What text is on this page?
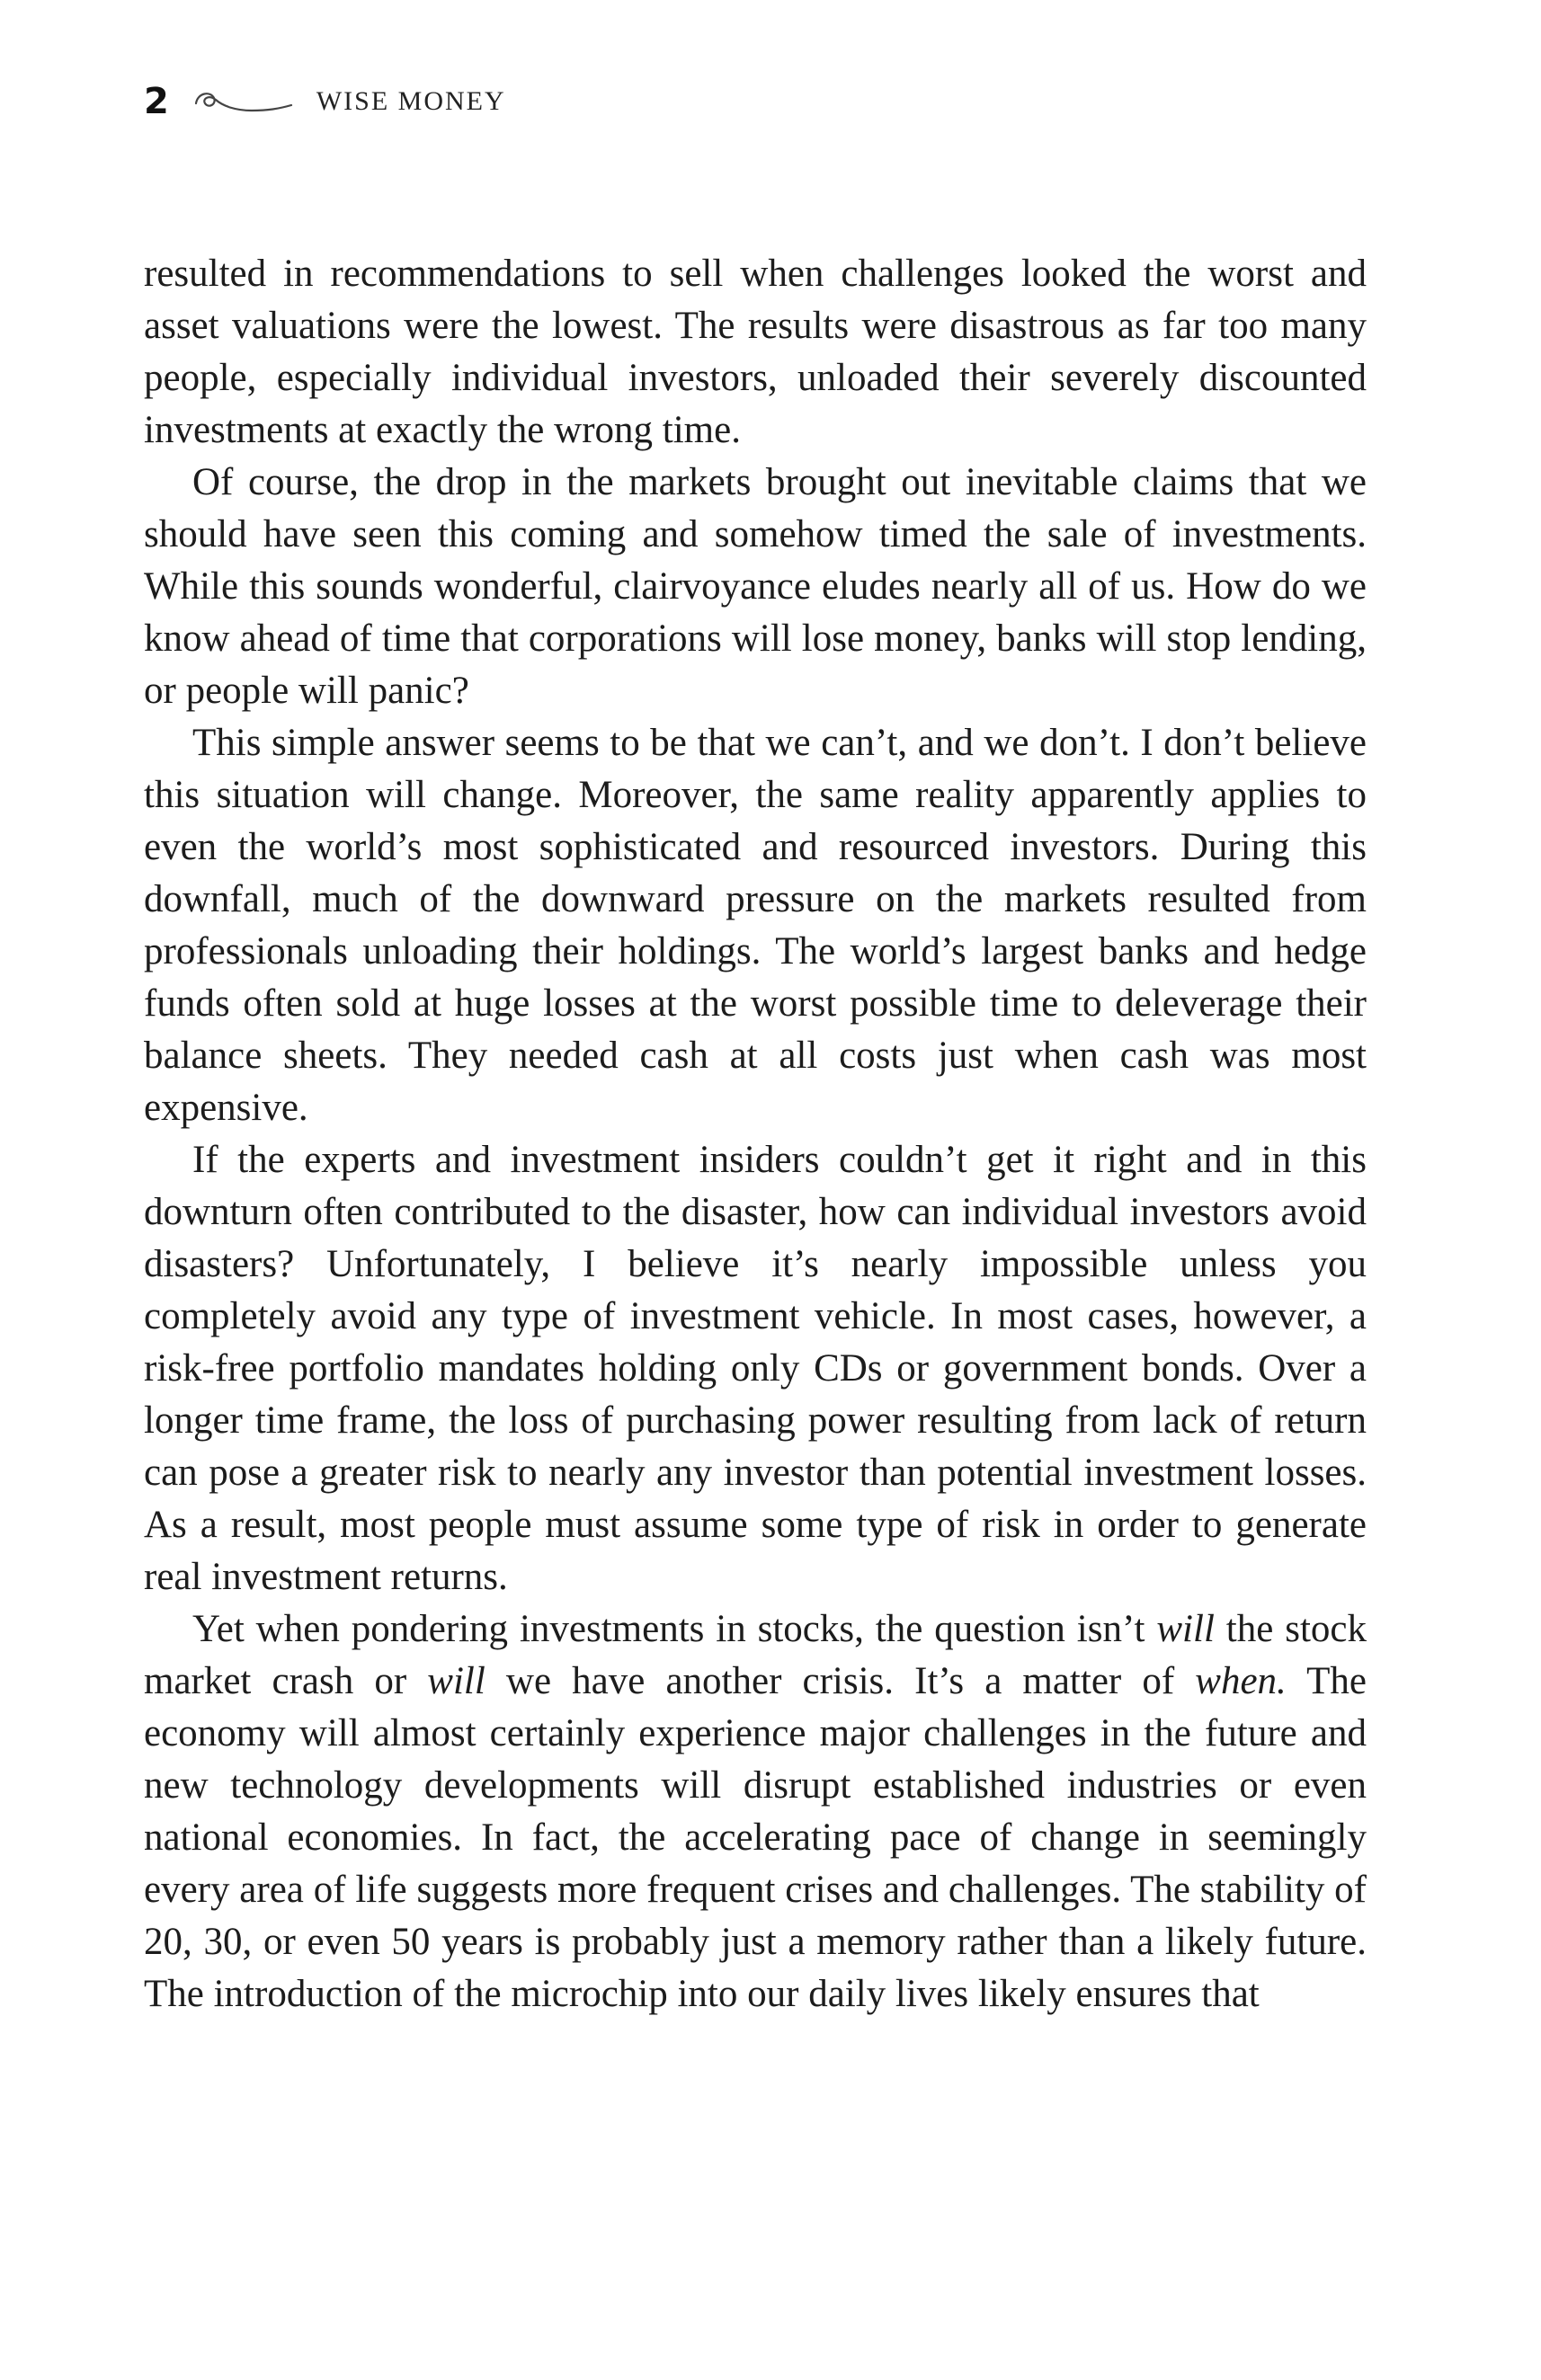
2	WISE MONEY

resulted in recommendations to sell when challenges looked the worst and asset valuations were the lowest. The results were disastrous as far too many people, especially individual investors, unloaded their severely discounted investments at exactly the wrong time.

Of course, the drop in the markets brought out inevitable claims that we should have seen this coming and somehow timed the sale of investments. While this sounds wonderful, clairvoyance eludes nearly all of us. How do we know ahead of time that corporations will lose money, banks will stop lending, or people will panic?

This simple answer seems to be that we can’t, and we don’t. I don’t believe this situation will change. Moreover, the same reality apparently applies to even the world’s most sophisticated and resourced investors. During this downfall, much of the downward pressure on the markets resulted from professionals unloading their holdings. The world’s largest banks and hedge funds often sold at huge losses at the worst possible time to deleverage their balance sheets. They needed cash at all costs just when cash was most expensive.

If the experts and investment insiders couldn’t get it right and in this downturn often contributed to the disaster, how can individual investors avoid disasters? Unfortunately, I believe it’s nearly impossible unless you completely avoid any type of investment vehicle. In most cases, however, a risk-free portfolio mandates holding only CDs or government bonds. Over a longer time frame, the loss of purchasing power resulting from lack of return can pose a greater risk to nearly any investor than potential investment losses. As a result, most people must assume some type of risk in order to generate real investment returns.

Yet when pondering investments in stocks, the question isn’t will the stock market crash or will we have another crisis. It’s a matter of when. The economy will almost certainly experience major challenges in the future and new technology developments will disrupt established industries or even national economies. In fact, the accelerating pace of change in seemingly every area of life suggests more frequent crises and challenges. The stability of 20, 30, or even 50 years is probably just a memory rather than a likely future. The introduction of the microchip into our daily lives likely ensures that
